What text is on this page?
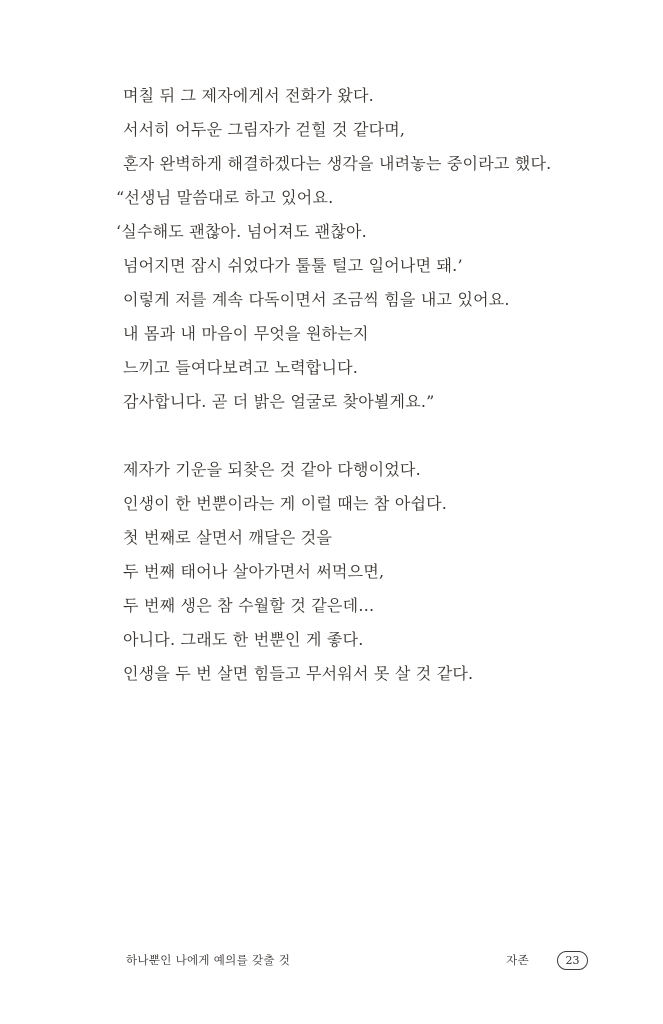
며칠 뒤 그 제자에게서 전화가 왔다.
서서히 어두운 그림자가 걷힐 것 같다며,
혼자 완벽하게 해결하겠다는 생각을 내려놓는 중이라고 했다.
“선생님 말씀대로 하고 있어요.
‘실수해도 괜찮아. 넘어져도 괜찮아.
넘어지면 잠시 쉬었다가 툴툴 털고 일어나면 돼.’
이렇게 저를 계속 다독이면서 조금씩 힘을 내고 있어요.
내 몸과 내 마음이 무엇을 원하는지
느끼고 들여다보려고 노력합니다.
감사합니다. 곧 더 밝은 얼굴로 찾아뵐게요.”
제자가 기운을 되찾은 것 같아 다행이었다.
인생이 한 번뿐이라는 게 이럴 때는 참 아쉽다.
첫 번째로 살면서 깨달은 것을
두 번째 태어나 살아가면서 써먹으면,
두 번째 생은 참 수월할 것 같은데…
아니다. 그래도 한 번뿐인 게 좋다.
인생을 두 번 살면 힘들고 무서워서 못 살 것 같다.
하나뿐인 나에게 예의를 갖출 것	자존	23
